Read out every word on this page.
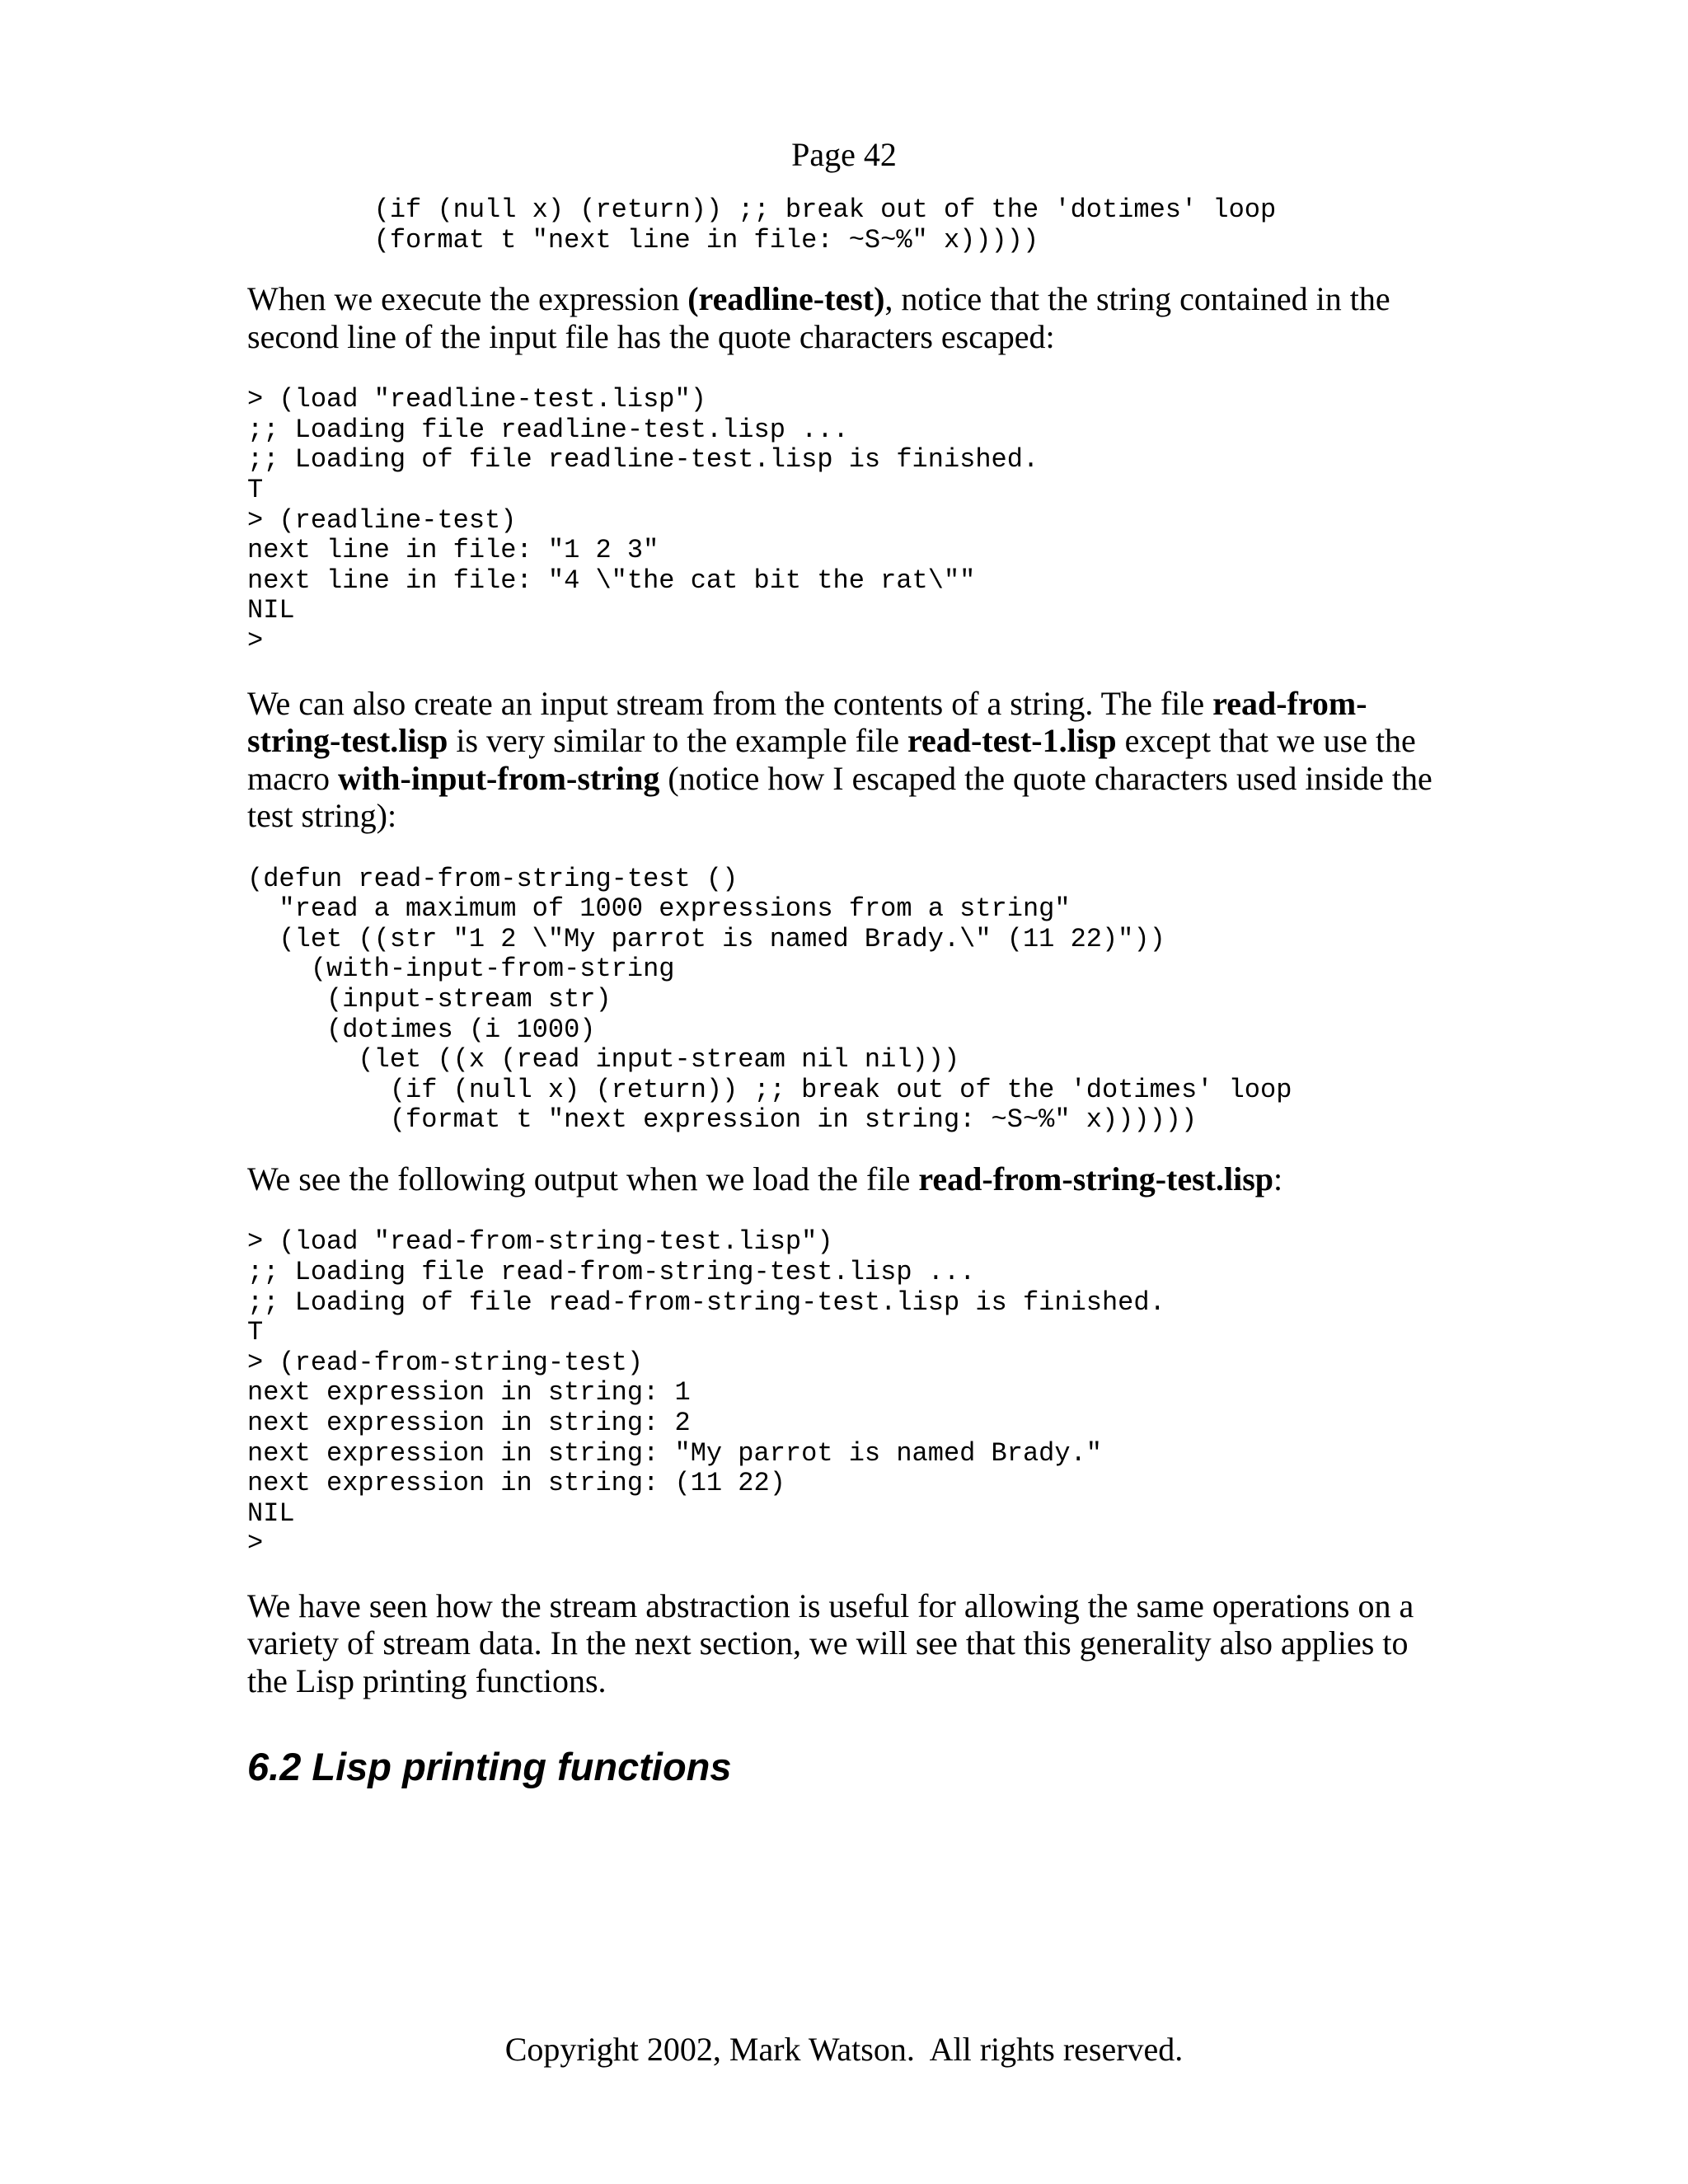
Page 42
(if (null x) (return)) ;; break out of the 'dotimes' loop
(format t "next line in file: ~S~%" x)))))

When we execute the expression (readline-test), notice that the string contained in the second line of the input file has the quote characters escaped:

> (load "readline-test.lisp")
;; Loading file readline-test.lisp ...
;; Loading of file readline-test.lisp is finished.
T
> (readline-test)
next line in file: "1 2 3"
next line in file: "4 \"the cat bit the rat\""
NIL
>

We can also create an input stream from the contents of a string. The file read-from-string-test.lisp is very similar to the example file read-test-1.lisp except that we use the macro with-input-from-string (notice how I escaped the quote characters used inside the test string):

(defun read-from-string-test ()
"read a maximum of 1000 expressions from a string"
(let ((str "1 2 \"My parrot is named Brady.\" (11 22)"))
(with-input-from-string
(input-stream str)
(dotimes (i 1000)
(let ((x (read input-stream nil nil)))
(if (null x) (return)) ;; break out of the 'dotimes' loop
(format t "next expression in string: ~S~%" x))))))

We see the following output when we load the file read-from-string-test.lisp:

> (load "read-from-string-test.lisp")
;; Loading file read-from-string-test.lisp ...
;; Loading of file read-from-string-test.lisp is finished.
T
> (read-from-string-test)
next expression in string: 1
next expression in string: 2
next expression in string: "My parrot is named Brady."
next expression in string: (11 22)
NIL
>

We have seen how the stream abstraction is useful for allowing the same operations on a variety of stream data. In the next section, we will see that this generality also applies to the Lisp printing functions.

6.2 Lisp printing functions
Copyright 2002, Mark Watson.  All rights reserved.
